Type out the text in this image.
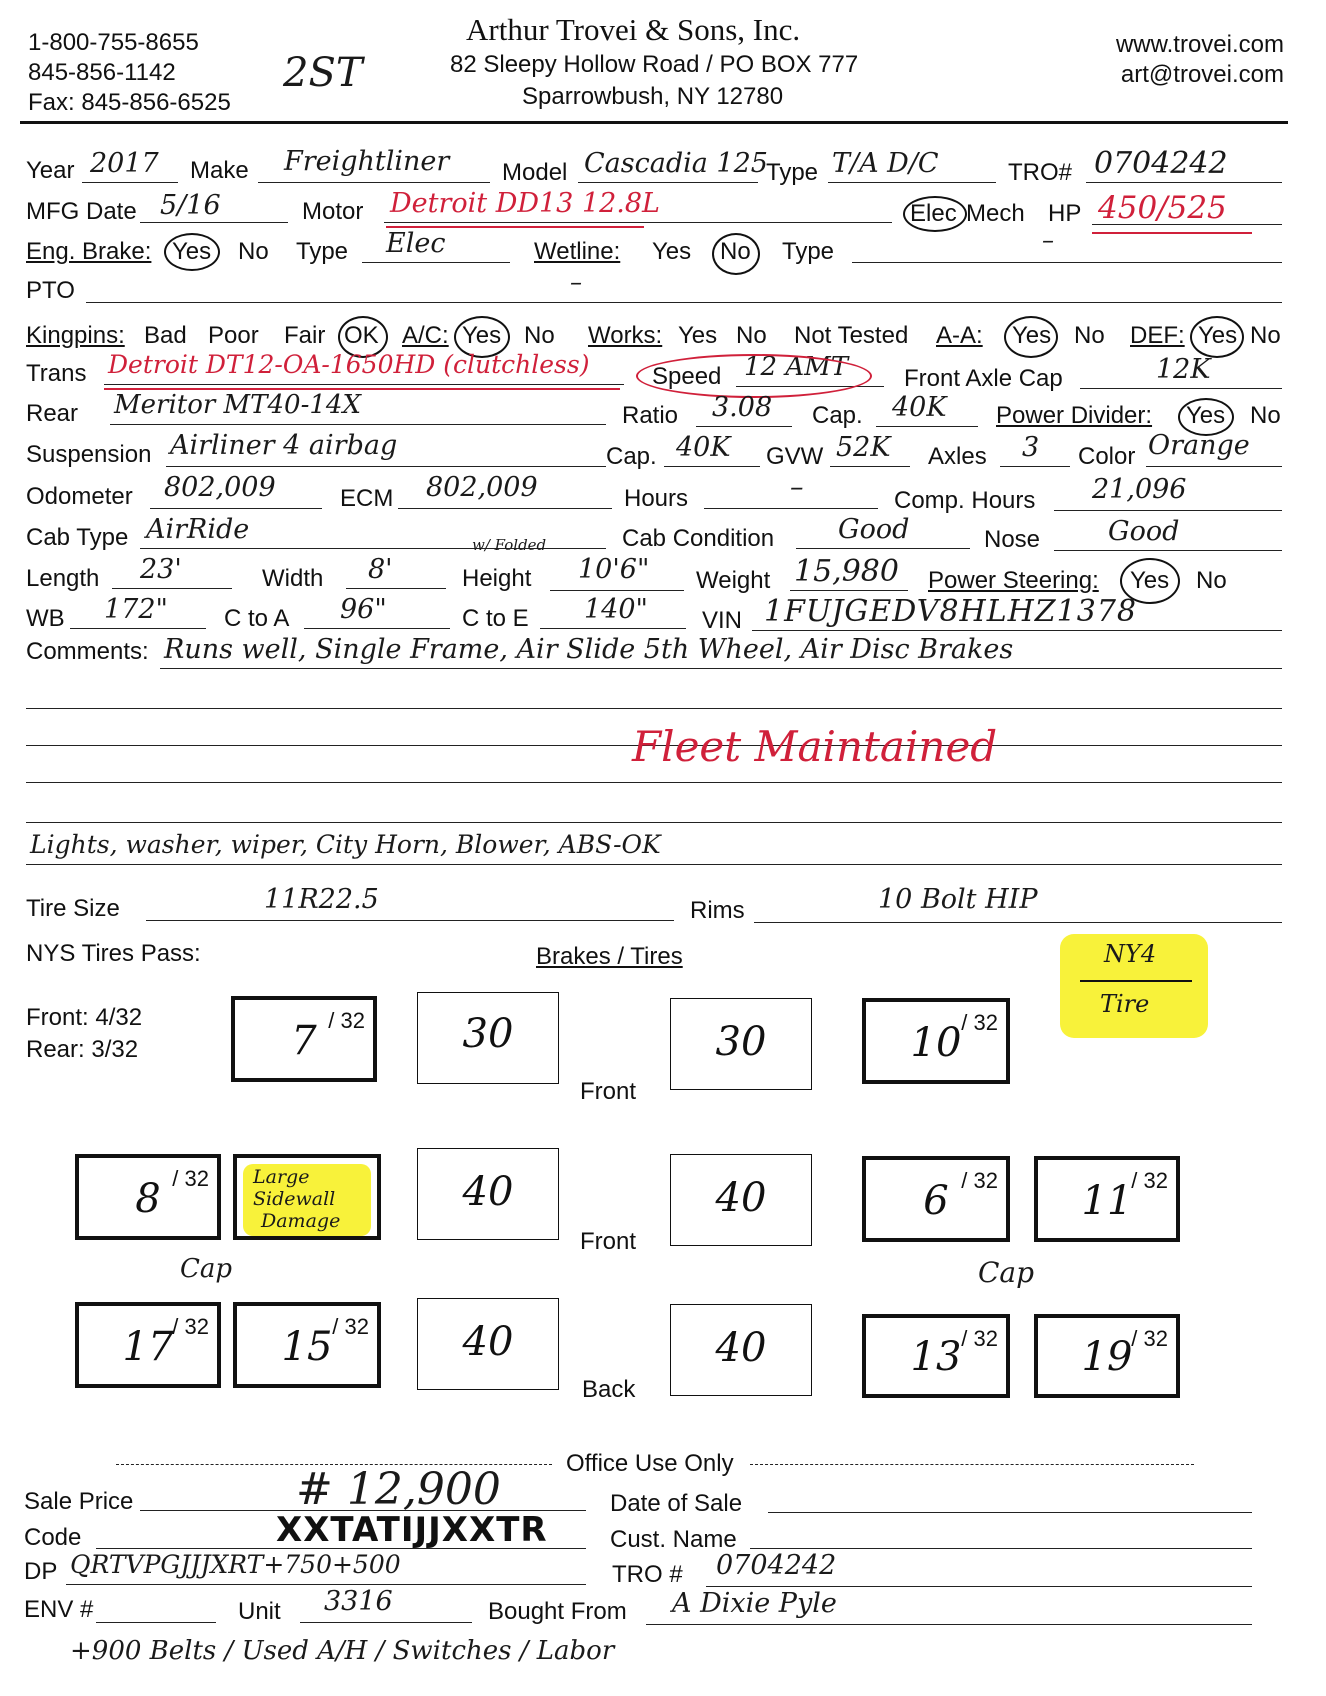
1-800-755-8655
845-856-1142
Fax: 845-856-6525
2ST
Arthur Trovei & Sons, Inc.
82 Sleepy Hollow Road / PO BOX 777
Sparrowbush, NY 12780
www.trovei.com
art@trovei.com
Year 2017 Make Freightliner Model Cascadia 125
Type T/A D/C	TRO# 0704242
MFG Date 5/16	Motor Detroit DD13 12.8L	Elec Mech HP 450/525
Eng. Brake: Yes No Type Elec	Wetline: Yes No Type	–
PTO	–
Kingpins: Bad Poor Fair OK A/C: Yes No Works: Yes No Not Tested A-A: Yes No DEF: Yes No
Trans Detroit DT12-OA-1650HD (clutchless)	Speed 12 AMT Front Axle Cap	12K
Rear Meritor MT40-14X	Ratio 3.08 Cap. 40K Power Divider: Yes No
Suspension Airliner 4 airbag	Cap. 40K GVW 52K Axles 3 Color Orange
Odometer 802,009	ECM 802,009	Hours	–	Comp. Hours 21,096
Cab Type AirRide	Cab Condition Good	Nose	Good
Length 23'	Width 8'
w/ Folded
Height 10'6" Weight 15,980 Power Steering: Yes No
WB 172" C to A 96"	C to E 140" VIN 1FUJGEDV8HLHZ1378
Comments: Runs well, Single Frame, Air Slide 5th Wheel, Air Disc Brakes
Fleet Maintained
Lights, washer, wiper, City Horn, Blower, ABS-OK
Tire Size	11R22.5	Rims	10 Bolt HIP
NYS Tires Pass:	Brakes / Tires	NY4
Tire
Front: 4/32
Rear: 3/32
/ 32
7	30
Front
30	/ 32
10
/ 32
8	Large
Sidewall
Damage
40
Front
40	/ 32
6	/ 32
11
Cap	Cap
/ 32
17	/ 32
15	40
Back
40	/ 32
13	/ 32
19
Office Use Only
Sale Price	# 12,900	Date of Sale
Code	XXTATIJJXXTR	Cust. Name
DP QRTVPGJJJXRT+750+500	TRO # 0704242
ENV #	Unit 3316	Bought From A Dixie Pyle
+900 Belts / Used A/H / Switches / Labor
